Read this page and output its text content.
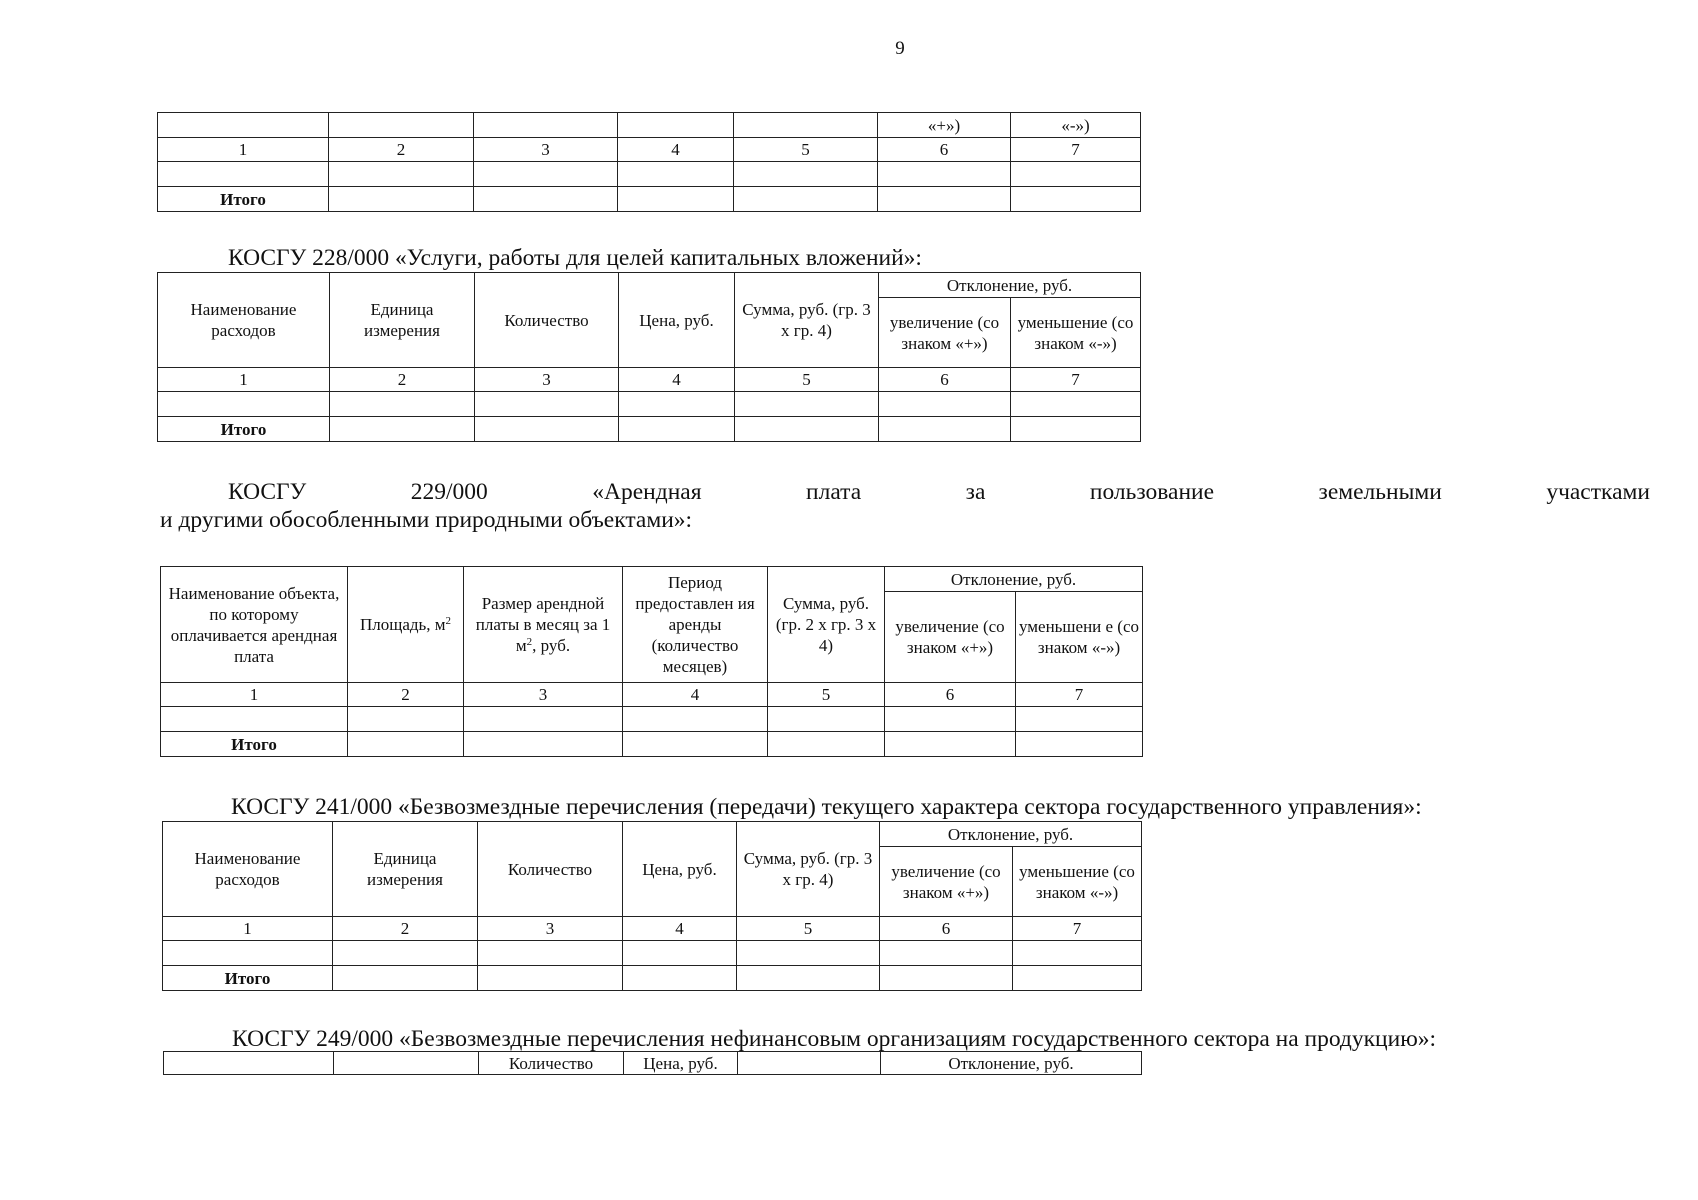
9
					«+»)	«-»)
1	2	3	4	5	6	7

Итого						
КОСГУ 228/000 «Услуги, работы для целей капитальных вложений»:
Наименование расходов	Единица измерения	Количество	Цена, руб.	Сумма, руб. (гр. 3 x гр. 4)	Отклонение, руб.	
					увеличение (со знаком «+»)	уменьшение (со знаком «-»)
1	2	3	4	5	6	7

Итого						
КОСГУ	229/000	«Арендная	плата	за	пользование	земельными	участками
и другими обособленными природными объектами»:
Наименование объекта, по которому оплачивается арендная плата	Площадь, $м^2$	Размер арендной платы в месяц за 1 $м^2$, руб.	Период предоставлен ия аренды (количество месяцев)	Сумма, руб. (гр. 2 x гр. 3 x 4)	Отклонение, руб.	
					увеличение (со знаком «+»)	уменьшени е (со знаком «-»)
1	2	3	4	5	6	7

Итого						
КОСГУ 241/000 «Безвозмездные перечисления (передачи) текущего характера сектора государственного управления»:
Наименование расходов	Единица измерения	Количество	Цена, руб.	Сумма, руб. (гр. 3 x гр. 4)	Отклонение, руб.	
					увеличение (со знаком «+»)	уменьшение (со знаком «-»)
1	2	3	4	5	6	7

Итого						
КОСГУ 249/000 «Безвозмездные перечисления нефинансовым организациям государственного сектора на продукцию»:
		Количество	Цена, руб.		Отклонение, руб.
